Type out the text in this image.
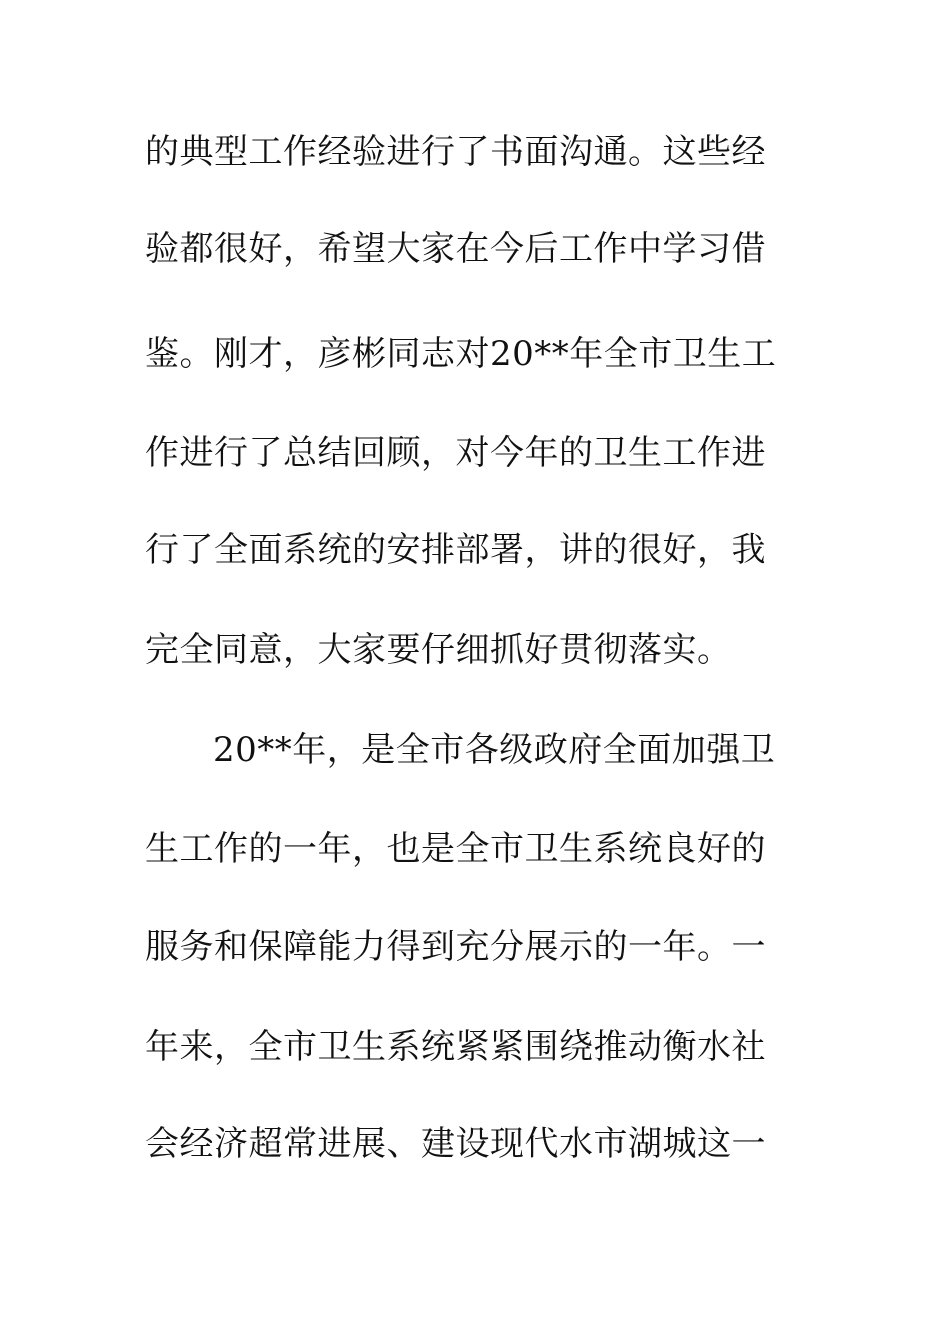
的典型工作经验进行了书面沟通。这些经
验都很好，希望大家在今后工作中学习借
鉴。刚才，彦彬同志对20**年全市卫生工
作进行了总结回顾，对今年的卫生工作进
行了全面系统的安排部署，讲的很好，我
完全同意，大家要仔细抓好贯彻落实。
20**年，是全市各级政府全面加强卫
生工作的一年，也是全市卫生系统良好的
服务和保障能力得到充分展示的一年。一
年来，全市卫生系统紧紧围绕推动衡水社
会经济超常进展、建设现代水市湖城这一
